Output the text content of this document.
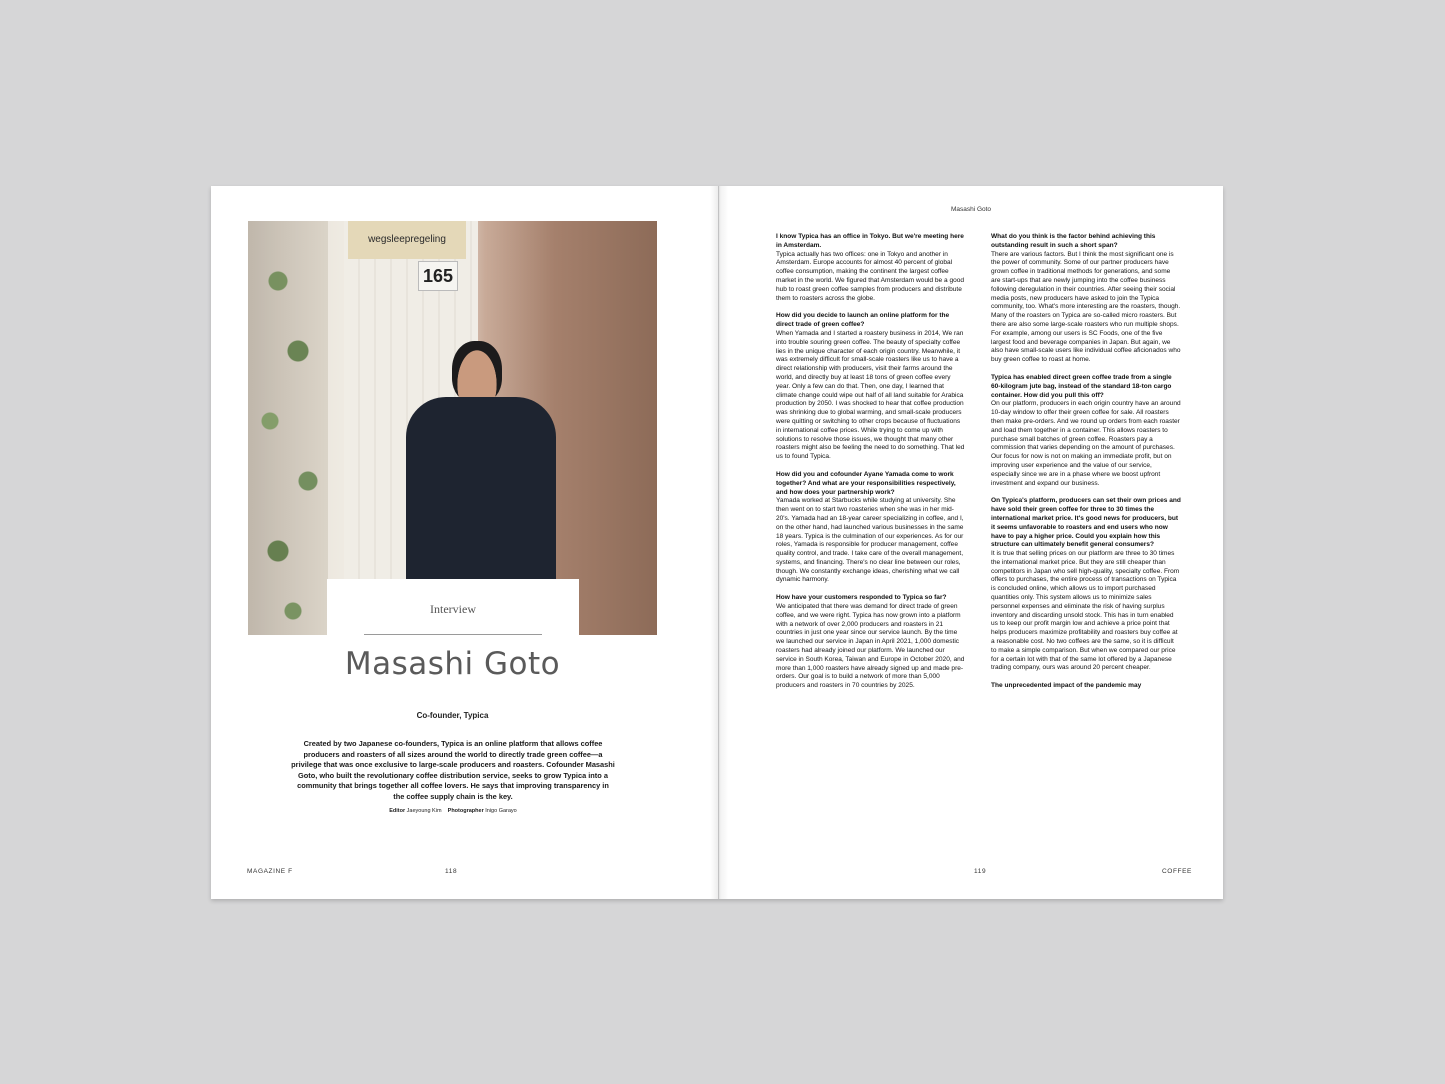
wegsleepregeling
165
Interview
Masashi Goto
Co-founder, Typica
Created by two Japanese co-founders, Typica is an online platform that allows coffee producers and roasters of all sizes around the world to directly trade green coffee—a privilege that was once exclusive to large-scale producers and roasters. Cofounder Masashi Goto, who built the revolutionary coffee distribution service, seeks to grow Typica into a community that brings together all coffee lovers. He says that improving transparency in the coffee supply chain is the key.
Editor Jaeyoung Kim Photographer Inigo Garayo
MAGAZINE F	118
Masashi Goto

I know Typica has an office in Tokyo. But we're meeting here in Amsterdam.
Typica actually has two offices: one in Tokyo and another in Amsterdam. Europe accounts for almost 40 percent of global coffee consumption, making the continent the largest coffee market in the world. We figured that Amsterdam would be a good hub to roast green coffee samples from producers and distribute them to roasters across the globe.

How did you decide to launch an online platform for the direct trade of green coffee?
When Yamada and I started a roastery business in 2014, We ran into trouble souring green coffee. The beauty of specialty coffee lies in the unique character of each origin country. Meanwhile, it was extremely difficult for small-scale roasters like us to have a direct relationship with producers, visit their farms around the world, and directly buy at least 18 tons of green coffee every year. Only a few can do that. Then, one day, I learned that climate change could wipe out half of all land suitable for Arabica production by 2050. I was shocked to hear that coffee production was shrinking due to global warming, and small-scale producers were quitting or switching to other crops because of fluctuations in international coffee prices. While trying to come up with solutions to resolve those issues, we thought that many other roasters might also be feeling the need to do something. That led us to found Typica.

How did you and cofounder Ayane Yamada come to work together? And what are your responsibilities respectively, and how does your partnership work?
Yamada worked at Starbucks while studying at university. She then went on to start two roasteries when she was in her mid-20's. Yamada had an 18-year career specializing in coffee, and I, on the other hand, had launched various businesses in the same 18 years. Typica is the culmination of our experiences. As for our roles, Yamada is responsible for producer management, coffee quality control, and trade. I take care of the overall management, systems, and financing. There's no clear line between our roles, though. We constantly exchange ideas, cherishing what we call dynamic harmony.

How have your customers responded to Typica so far?
We anticipated that there was demand for direct trade of green coffee, and we were right. Typica has now grown into a platform with a network of over 2,000 producers and roasters in 21 countries in just one year since our service launch. By the time we launched our service in Japan in April 2021, 1,000 domestic roasters had already joined our platform. We launched our service in South Korea, Taiwan and Europe in October 2020, and more than 1,000 roasters have already signed up and made pre-orders. Our goal is to build a network of more than 5,000 producers and roasters in 70 countries by 2025.

What do you think is the factor behind achieving this outstanding result in such a short span?
There are various factors. But I think the most significant one is the power of community. Some of our partner producers have grown coffee in traditional methods for generations, and some are start-ups that are newly jumping into the coffee business following deregulation in their countries. After seeing their social media posts, new producers have asked to join the Typica community, too. What's more interesting are the roasters, though. Many of the roasters on Typica are so-called micro roasters. But there are also some large-scale roasters who run multiple shops. For example, among our users is SC Foods, one of the five largest food and beverage companies in Japan. But again, we also have small-scale users like individual coffee aficionados who buy green coffee to roast at home.

Typica has enabled direct green coffee trade from a single 60-kilogram jute bag, instead of the standard 18-ton cargo container. How did you pull this off?
On our platform, producers in each origin country have an around 10-day window to offer their green coffee for sale. All roasters then make pre-orders. And we round up orders from each roaster and load them together in a container. This allows roasters to purchase small batches of green coffee. Roasters pay a commission that varies depending on the amount of purchases. Our focus for now is not on making an immediate profit, but on improving user experience and the value of our service, especially since we are in a phase where we boost upfront investment and expand our business.

On Typica's platform, producers can set their own prices and have sold their green coffee for three to 30 times the international market price. It's good news for producers, but it seems unfavorable to roasters and end users who now have to pay a higher price. Could you explain how this structure can ultimately benefit general consumers?
It is true that selling prices on our platform are three to 30 times the international market price. But they are still cheaper than competitors in Japan who sell high-quality, specialty coffee. From offers to purchases, the entire process of transactions on Typica is concluded online, which allows us to import purchased quantities only. This system allows us to minimize sales personnel expenses and eliminate the risk of having surplus inventory and discarding unsold stock. This has in turn enabled us to keep our profit margin low and achieve a price point that helps producers maximize profitability and roasters buy coffee at a reasonable cost. No two coffees are the same, so it is difficult to make a simple comparison. But when we compared our price for a certain lot with that of the same lot offered by a Japanese trading company, ours was around 20 percent cheaper.

The unprecedented impact of the pandemic may

119	COFFEE
